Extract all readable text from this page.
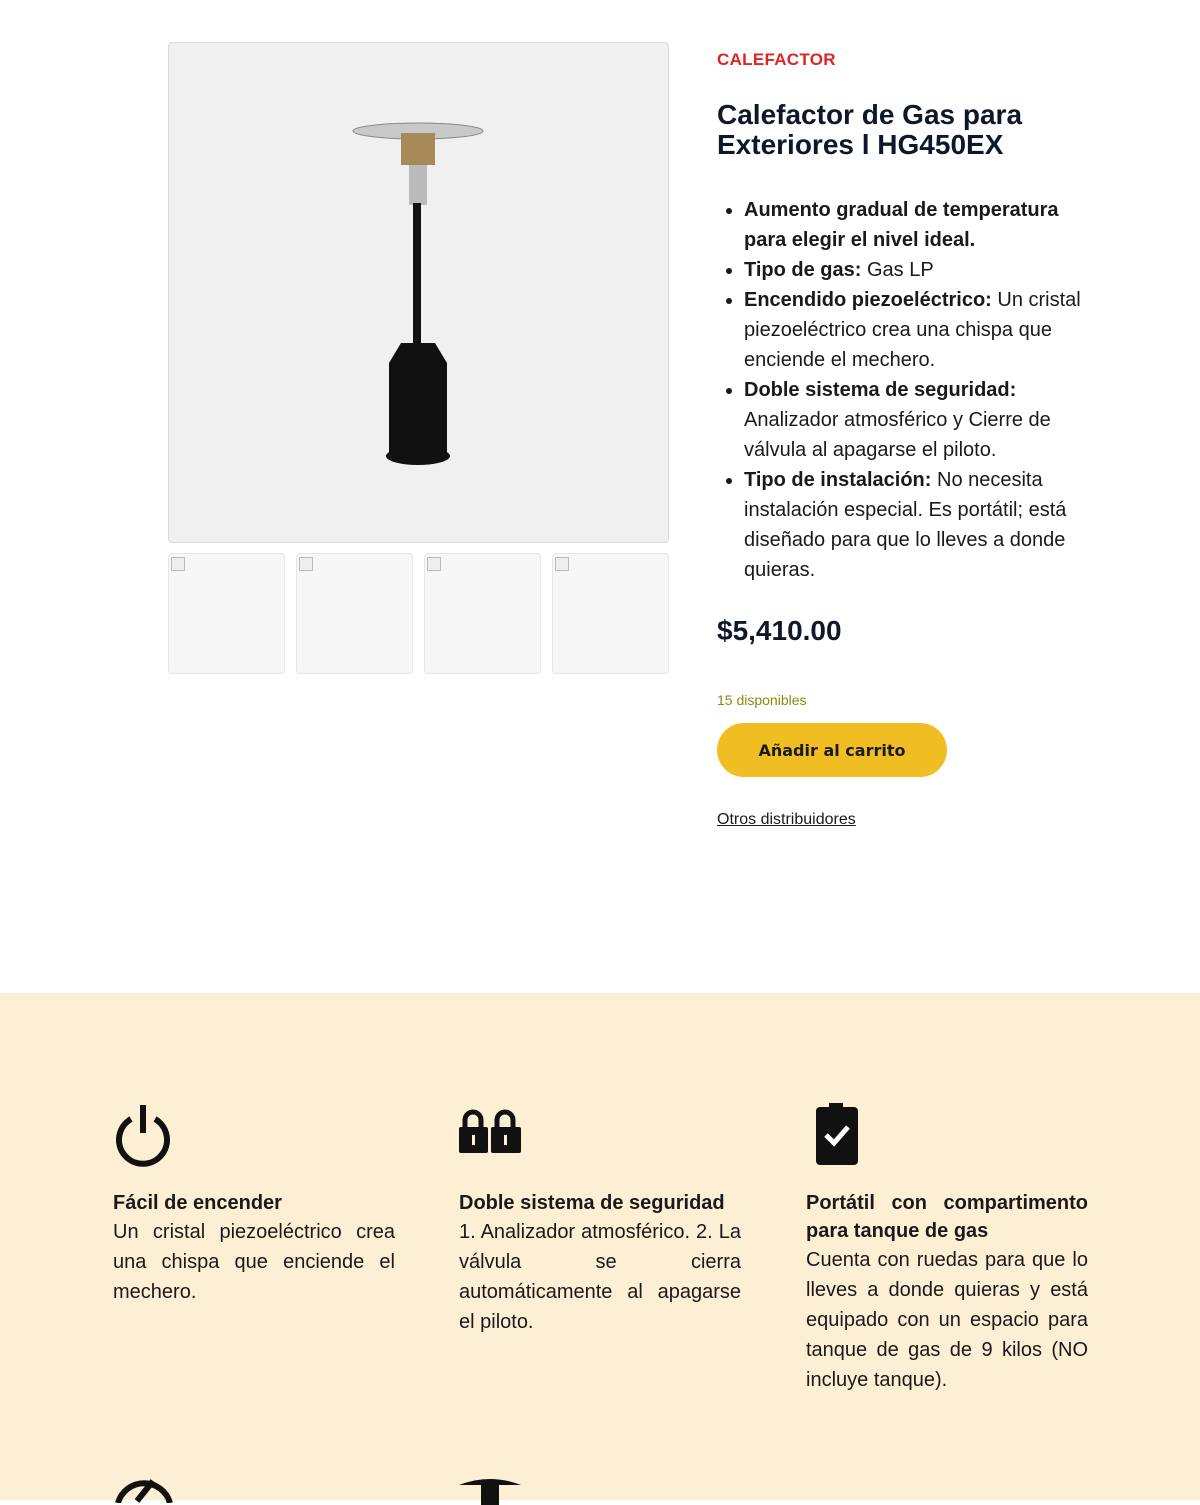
CALEFACTOR
Calefactor de Gas para Exteriores l HG450EX
• Aumento gradual de temperatura para elegir el nivel ideal.
• Tipo de gas: Gas LP
• Encendido piezoeléctrico: Un cristal piezoeléctrico crea una chispa que enciende el mechero.
• Doble sistema de seguridad: Analizador atmosférico y Cierre de válvula al apagarse el piloto.
• Tipo de instalación: No necesita instalación especial. Es portátil; está diseñado para que lo lleves a donde quieras.
$5,410.00
15 disponibles
Añadir al carrito
Otros distribuidores
Fácil de encender

Un cristal piezoeléctrico crea una chispa que enciende el mechero.

Doble sistema de seguridad

1. Analizador atmosférico. 2. La válvula se cierra automáticamente al apagarse el piloto.

Portátil con compartimento para tanque de gas

Cuenta con ruedas para que lo lleves a donde quieras y está equipado con un espacio para tanque de gas de 9 kilos (NO incluye tanque).
